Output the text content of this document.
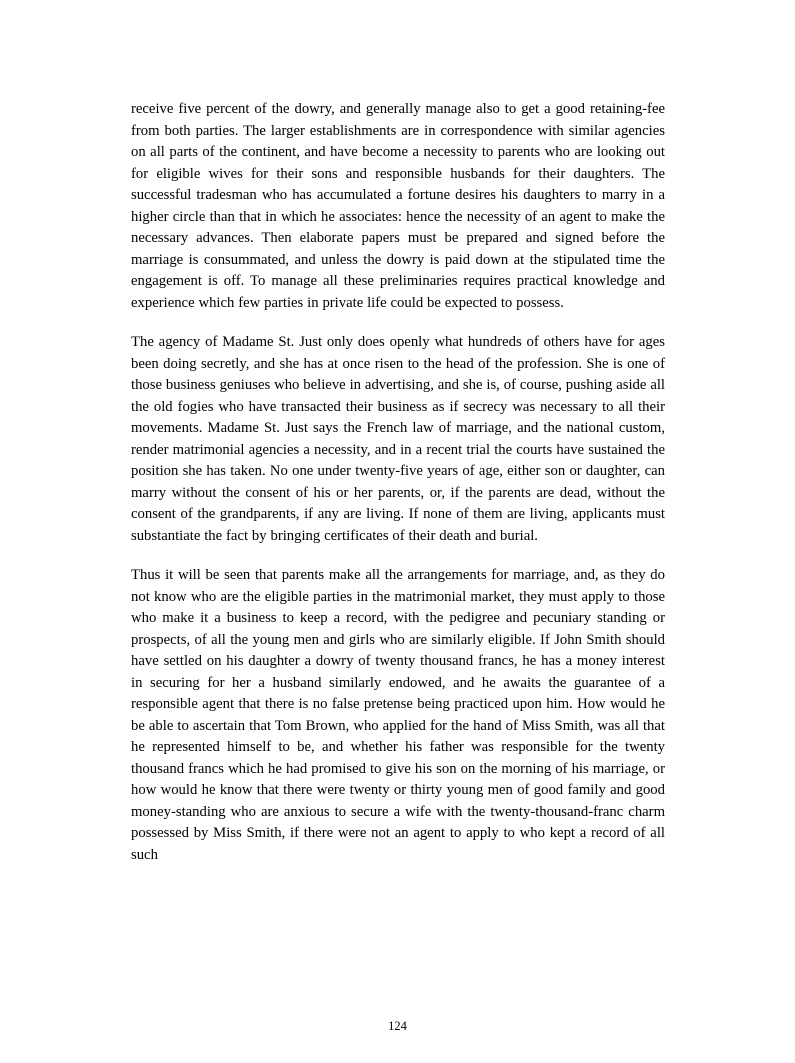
receive five percent of the dowry, and generally manage also to get a good retaining-fee from both parties. The larger establishments are in correspondence with similar agencies on all parts of the continent, and have become a necessity to parents who are looking out for eligible wives for their sons and responsible husbands for their daughters. The successful tradesman who has accumulated a fortune desires his daughters to marry in a higher circle than that in which he associates: hence the necessity of an agent to make the necessary advances. Then elaborate papers must be prepared and signed before the marriage is consummated, and unless the dowry is paid down at the stipulated time the engagement is off. To manage all these preliminaries requires practical knowledge and experience which few parties in private life could be expected to possess.

The agency of Madame St. Just only does openly what hundreds of others have for ages been doing secretly, and she has at once risen to the head of the profession. She is one of those business geniuses who believe in advertising, and she is, of course, pushing aside all the old fogies who have transacted their business as if secrecy was necessary to all their movements. Madame St. Just says the French law of marriage, and the national custom, render matrimonial agencies a necessity, and in a recent trial the courts have sustained the position she has taken. No one under twenty-five years of age, either son or daughter, can marry without the consent of his or her parents, or, if the parents are dead, without the consent of the grandparents, if any are living. If none of them are living, applicants must substantiate the fact by bringing certificates of their death and burial.

Thus it will be seen that parents make all the arrangements for marriage, and, as they do not know who are the eligible parties in the matrimonial market, they must apply to those who make it a business to keep a record, with the pedigree and pecuniary standing or prospects, of all the young men and girls who are similarly eligible. If John Smith should have settled on his daughter a dowry of twenty thousand francs, he has a money interest in securing for her a husband similarly endowed, and he awaits the guarantee of a responsible agent that there is no false pretense being practiced upon him. How would he be able to ascertain that Tom Brown, who applied for the hand of Miss Smith, was all that he represented himself to be, and whether his father was responsible for the twenty thousand francs which he had promised to give his son on the morning of his marriage, or how would he know that there were twenty or thirty young men of good family and good money-standing who are anxious to secure a wife with the twenty-thousand-franc charm possessed by Miss Smith, if there were not an agent to apply to who kept a record of all such

124
